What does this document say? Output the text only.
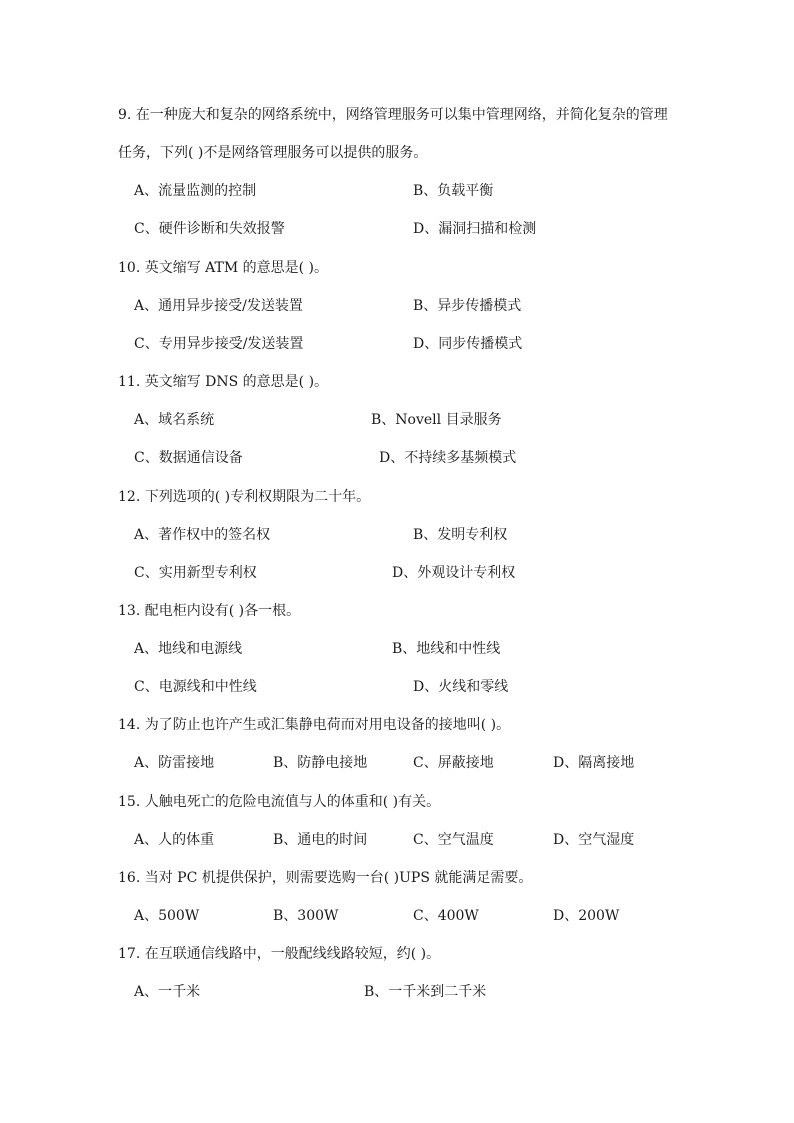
9. 在一种庞大和复杂的网络系统中，网络管理服务可以集中管理网络，并简化复杂的管理
任务，下列( )不是网络管理服务可以提供的服务。
A、流量监测的控制	B、负载平衡
C、硬件诊断和失效报警	D、漏洞扫描和检测
10. 英文缩写 ATM 的意思是( )。
A、通用异步接受/发送装置	B、异步传播模式
C、专用异步接受/发送装置	D、同步传播模式
11. 英文缩写 DNS 的意思是( )。
A、域名系统	B、Novell 目录服务
C、数据通信设备	D、不持续多基频模式
12. 下列选项的( )专利权期限为二十年。
A、著作权中的签名权	B、发明专利权
C、实用新型专利权	D、外观设计专利权
13. 配电柜内设有( )各一根。
A、地线和电源线	B、地线和中性线
C、电源线和中性线	D、火线和零线
14. 为了防止也许产生或汇集静电荷而对用电设备的接地叫( )。
A、防雷接地	B、防静电接地	C、屏蔽接地	D、隔离接地
15. 人触电死亡的危险电流值与人的体重和( )有关。
A、人的体重	B、通电的时间	C、空气温度	D、空气湿度
16. 当对 PC 机提供保护，则需要选购一台( )UPS 就能满足需要。
A、500W	B、300W	C、400W	D、200W
17. 在互联通信线路中，一般配线线路较短，约( )。
A、一千米	B、一千米到二千米
